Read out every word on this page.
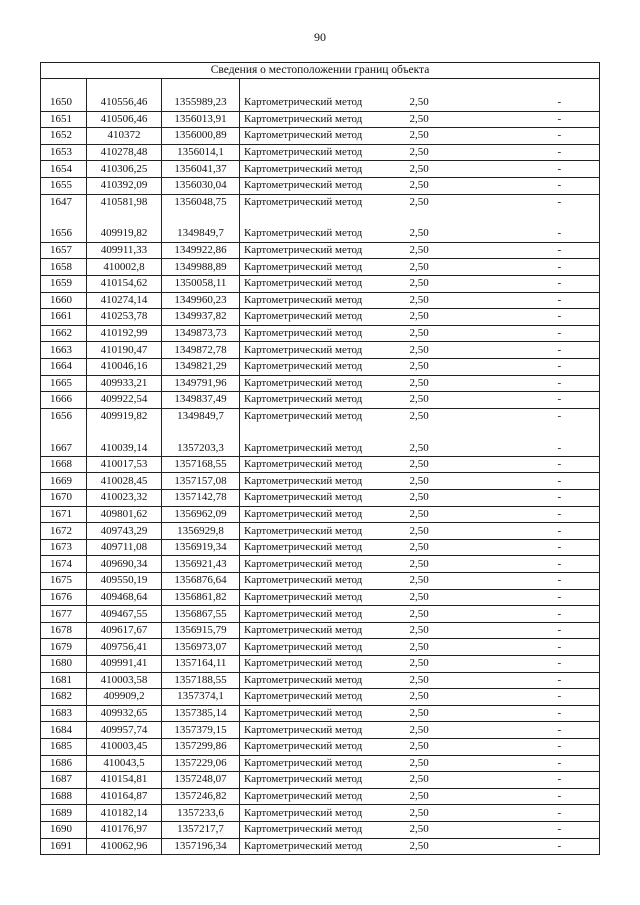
90
Сведения о местоположении границ объекта					

1650	410556,46	1355989,23	Картометрический метод	2,50	-
1651	410506,46	1356013,91	Картометрический метод	2,50	-
1652	410372	1356000,89	Картометрический метод	2,50	-
1653	410278,48	1356014,1	Картометрический метод	2,50	-
1654	410306,25	1356041,37	Картометрический метод	2,50	-
1655	410392,09	1356030,04	Картометрический метод	2,50	-
1647	410581,98	1356048,75	Картометрический метод	2,50	-

1656	409919,82	1349849,7	Картометрический метод	2,50	-
1657	409911,33	1349922,86	Картометрический метод	2,50	-
1658	410002,8	1349988,89	Картометрический метод	2,50	-
1659	410154,62	1350058,11	Картометрический метод	2,50	-
1660	410274,14	1349960,23	Картометрический метод	2,50	-
1661	410253,78	1349937,82	Картометрический метод	2,50	-
1662	410192,99	1349873,73	Картометрический метод	2,50	-
1663	410190,47	1349872,78	Картометрический метод	2,50	-
1664	410046,16	1349821,29	Картометрический метод	2,50	-
1665	409933,21	1349791,96	Картометрический метод	2,50	-
1666	409922,54	1349837,49	Картометрический метод	2,50	-
1656	409919,82	1349849,7	Картометрический метод	2,50	-

1667	410039,14	1357203,3	Картометрический метод	2,50	-
1668	410017,53	1357168,55	Картометрический метод	2,50	-
1669	410028,45	1357157,08	Картометрический метод	2,50	-
1670	410023,32	1357142,78	Картометрический метод	2,50	-
1671	409801,62	1356962,09	Картометрический метод	2,50	-
1672	409743,29	1356929,8	Картометрический метод	2,50	-
1673	409711,08	1356919,34	Картометрический метод	2,50	-
1674	409690,34	1356921,43	Картометрический метод	2,50	-
1675	409550,19	1356876,64	Картометрический метод	2,50	-
1676	409468,64	1356861,82	Картометрический метод	2,50	-
1677	409467,55	1356867,55	Картометрический метод	2,50	-
1678	409617,67	1356915,79	Картометрический метод	2,50	-
1679	409756,41	1356973,07	Картометрический метод	2,50	-
1680	409991,41	1357164,11	Картометрический метод	2,50	-
1681	410003,58	1357188,55	Картометрический метод	2,50	-
1682	409909,2	1357374,1	Картометрический метод	2,50	-
1683	409932,65	1357385,14	Картометрический метод	2,50	-
1684	409957,74	1357379,15	Картометрический метод	2,50	-
1685	410003,45	1357299,86	Картометрический метод	2,50	-
1686	410043,5	1357229,06	Картометрический метод	2,50	-
1687	410154,81	1357248,07	Картометрический метод	2,50	-
1688	410164,87	1357246,82	Картометрический метод	2,50	-
1689	410182,14	1357233,6	Картометрический метод	2,50	-
1690	410176,97	1357217,7	Картометрический метод	2,50	-
1691	410062,96	1357196,34	Картометрический метод	2,50	-
